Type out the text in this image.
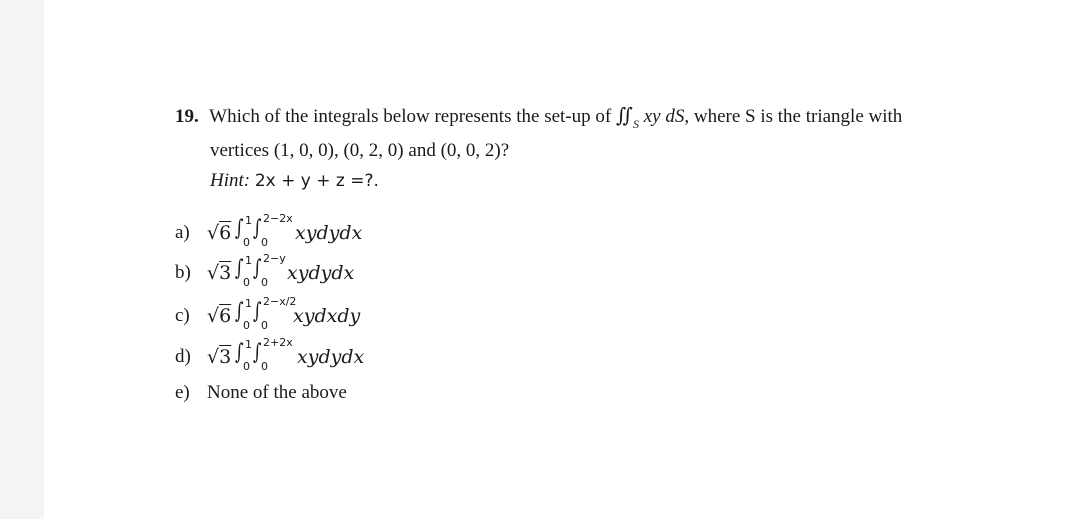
19. Which of the integrals below represents the set-up of $∬_S$ xy dS, where S is the triangle with
vertices (1, 0, 0), (0, 2, 0) and (0, 0, 2)?
Hint: 2x + y + z =?.
a) √6 ∫ 1
0
∫ 2−2x
0 xydydx
b) √3 ∫ 1
0
∫ 2−y
0 xydydx
c) √6 ∫ 1
0
∫ 2−x/2
0 xydxdy
d) √3 ∫ 1
0
∫ 2+2x
0 xydydx
e) None of the above
